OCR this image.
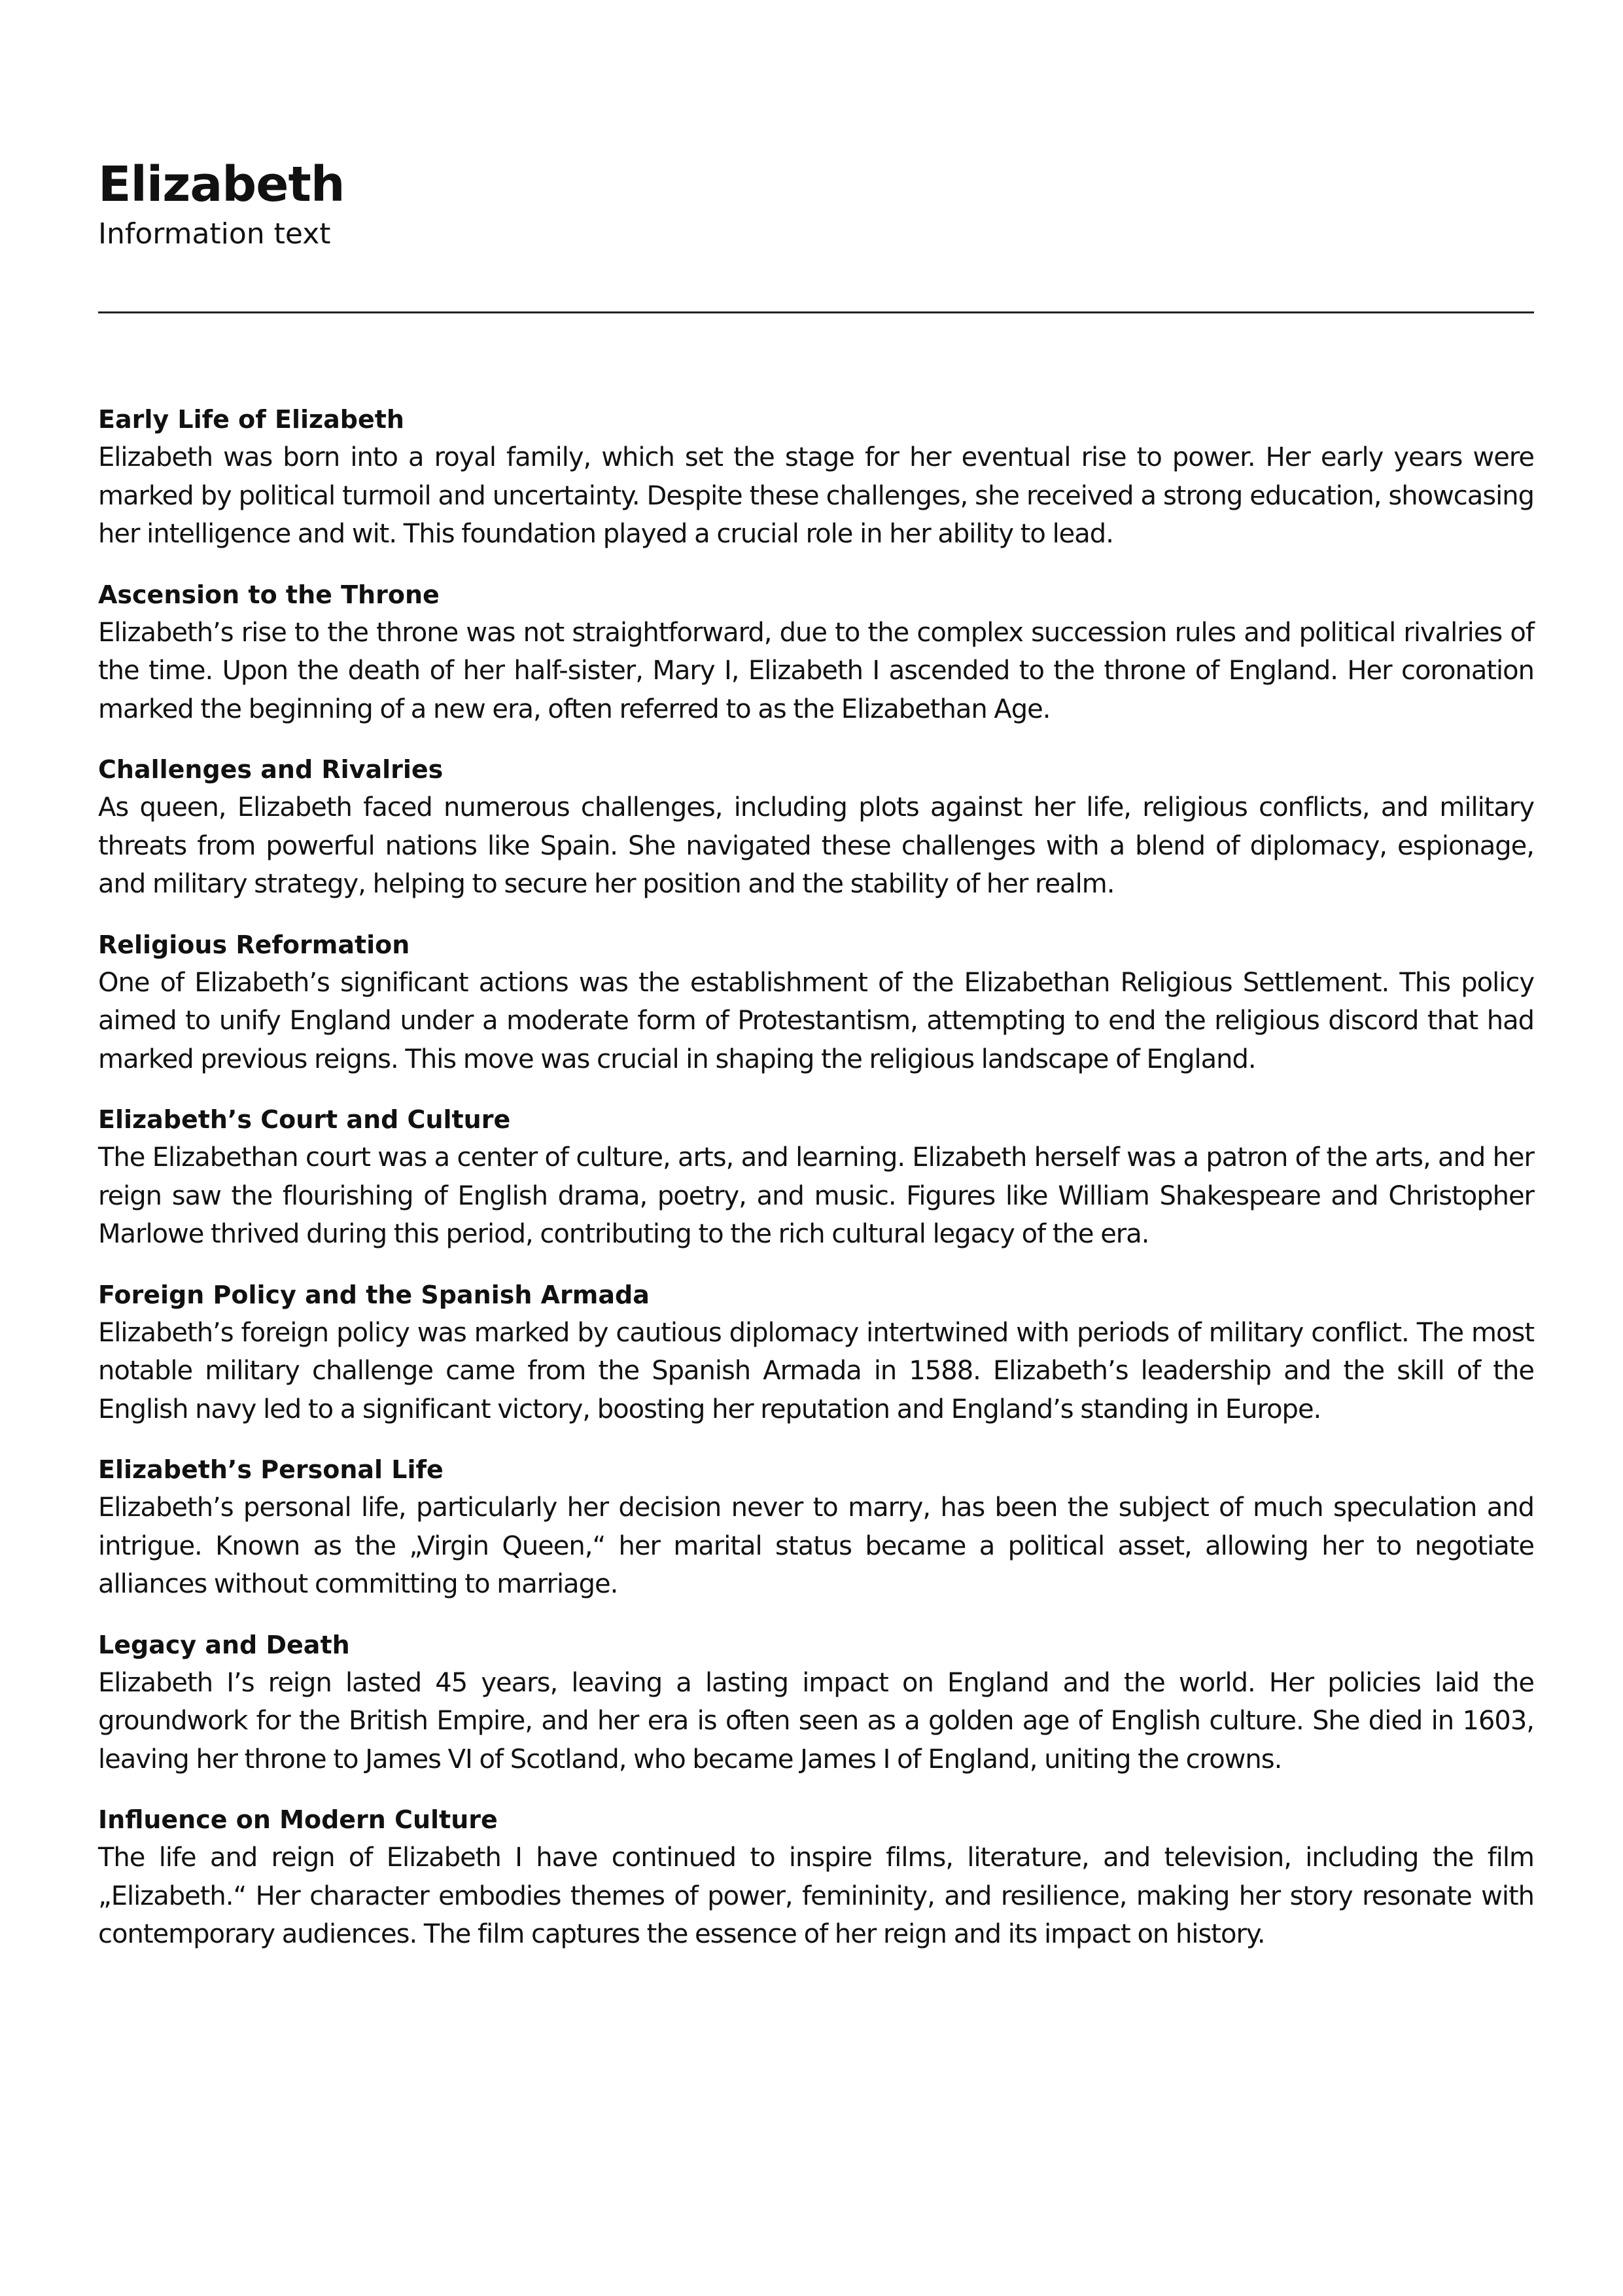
Elizabeth

Information text

Early Life of Elizabeth

Elizabeth was born into a royal family, which set the stage for her eventual rise to power. Her early years were marked by political turmoil and uncertainty. Despite these challenges, she received a strong education, showcasing her intelligence and wit. This foundation played a crucial role in her ability to lead.

Ascension to the Throne

Elizabeth’s rise to the throne was not straightforward, due to the complex succession rules and political rivalries of the time. Upon the death of her half-sister, Mary I, Elizabeth I ascended to the throne of England. Her coronation marked the beginning of a new era, often referred to as the Elizabethan Age.

Challenges and Rivalries

As queen, Elizabeth faced numerous challenges, including plots against her life, religious conflicts, and military threats from powerful nations like Spain. She navigated these challenges with a blend of diplomacy, espionage, and military strategy, helping to secure her position and the stability of her realm.

Religious Reformation

One of Elizabeth’s significant actions was the establishment of the Elizabethan Religious Settlement. This policy aimed to unify England under a moderate form of Protestantism, attempting to end the religious discord that had marked previous reigns. This move was crucial in shaping the religious landscape of England.

Elizabeth’s Court and Culture

The Elizabethan court was a center of culture, arts, and learning. Elizabeth herself was a patron of the arts, and her reign saw the flourishing of English drama, poetry, and music. Figures like William Shakespeare and Christopher Marlowe thrived during this period, contributing to the rich cultural legacy of the era.

Foreign Policy and the Spanish Armada

Elizabeth’s foreign policy was marked by cautious diplomacy intertwined with periods of military conflict. The most notable military challenge came from the Spanish Armada in 1588. Elizabeth’s leadership and the skill of the English navy led to a significant victory, boosting her reputation and England’s standing in Europe.

Elizabeth’s Personal Life

Elizabeth’s personal life, particularly her decision never to marry, has been the subject of much speculation and intrigue. Known as the „Virgin Queen,“ her marital status became a political asset, allowing her to negotiate alliances without committing to marriage.

Legacy and Death

Elizabeth I’s reign lasted 45 years, leaving a lasting impact on England and the world. Her policies laid the groundwork for the British Empire, and her era is often seen as a golden age of English culture. She died in 1603, leaving her throne to James VI of Scotland, who became James I of England, uniting the crowns.

Influence on Modern Culture

The life and reign of Elizabeth I have continued to inspire films, literature, and television, including the film „Elizabeth.“ Her character embodies themes of power, femininity, and resilience, making her story resonate with contemporary audiences. The film captures the essence of her reign and its impact on history.
